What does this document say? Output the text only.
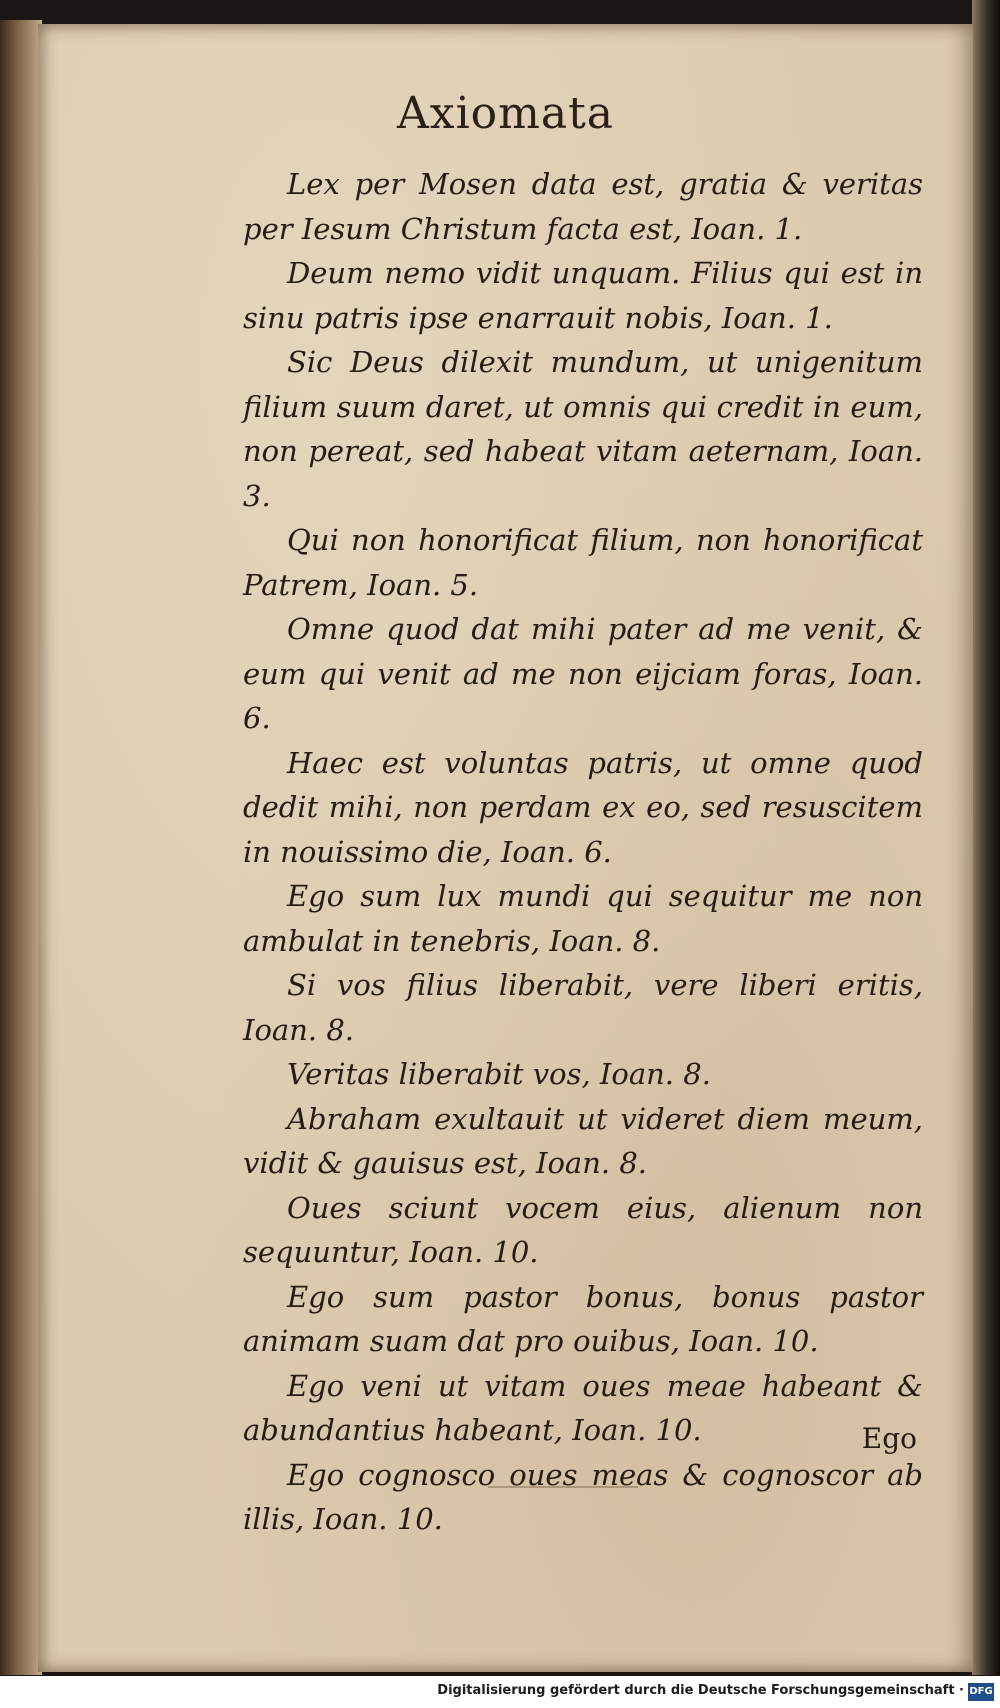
Axiomata

Lex per Mosen data est, gratia & veritas per Iesum Christum facta est, Ioan. 1.

Deum nemo vidit unquam. Filius qui est in sinu patris ipse enarrauit nobis, Ioan. 1.

Sic Deus dilexit mundum, ut unigenitum filium suum daret, ut omnis qui credit in eum, non pereat, sed habeat vitam aeternam, Ioan. 3.

Qui non honorificat filium, non honorificat Patrem, Ioan. 5.

Omne quod dat mihi pater ad me venit, & eum qui venit ad me non eijciam foras, Ioan. 6.

Haec est voluntas patris, ut omne quod dedit mihi, non perdam ex eo, sed resuscitem in nouissimo die, Ioan. 6.

Ego sum lux mundi qui sequitur me non ambulat in tenebris, Ioan. 8.

Si vos filius liberabit, vere liberi eritis, Ioan. 8.

Veritas liberabit vos, Ioan. 8.

Abraham exultauit ut videret diem meum, vidit & gauisus est, Ioan. 8.

Oues sciunt vocem eius, alienum non sequuntur, Ioan. 10.

Ego sum pastor bonus, bonus pastor animam suam dat pro ouibus, Ioan. 10.

Ego veni ut vitam oues meae habeant & abundantius habeant, Ioan. 10.

Ego cognosco oues meas & cognoscor ab illis, Ioan. 10.

Ego
Digitalisierung gefördert durch die Deutsche Forschungsgemeinschaft · DFG
